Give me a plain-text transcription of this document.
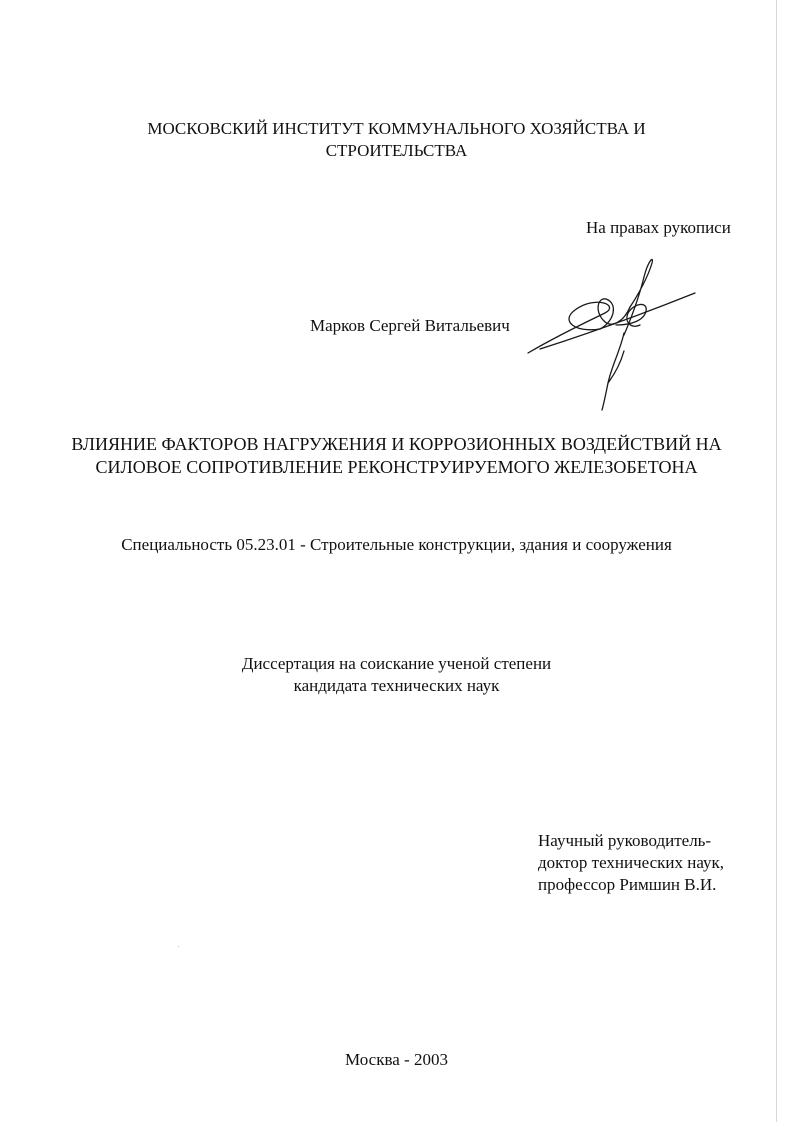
МОСКОВСКИЙ ИНСТИТУТ КОММУНАЛЬНОГО ХОЗЯЙСТВА И
СТРОИТЕЛЬСТВА
На правах рукописи
Марков Сергей Витальевич
ВЛИЯНИЕ ФАКТОРОВ НАГРУЖЕНИЯ И КОРРОЗИОННЫХ ВОЗДЕЙСТВИЙ НА
СИЛОВОЕ СОПРОТИВЛЕНИЕ РЕКОНСТРУИРУЕМОГО ЖЕЛЕЗОБЕТОНА
Специальность 05.23.01 - Строительные конструкции, здания и сооружения
Диссертация на соискание ученой степени
кандидата технических наук
Научный руководитель-
доктор технических наук,
профессор Римшин В.И.
Москва - 2003
